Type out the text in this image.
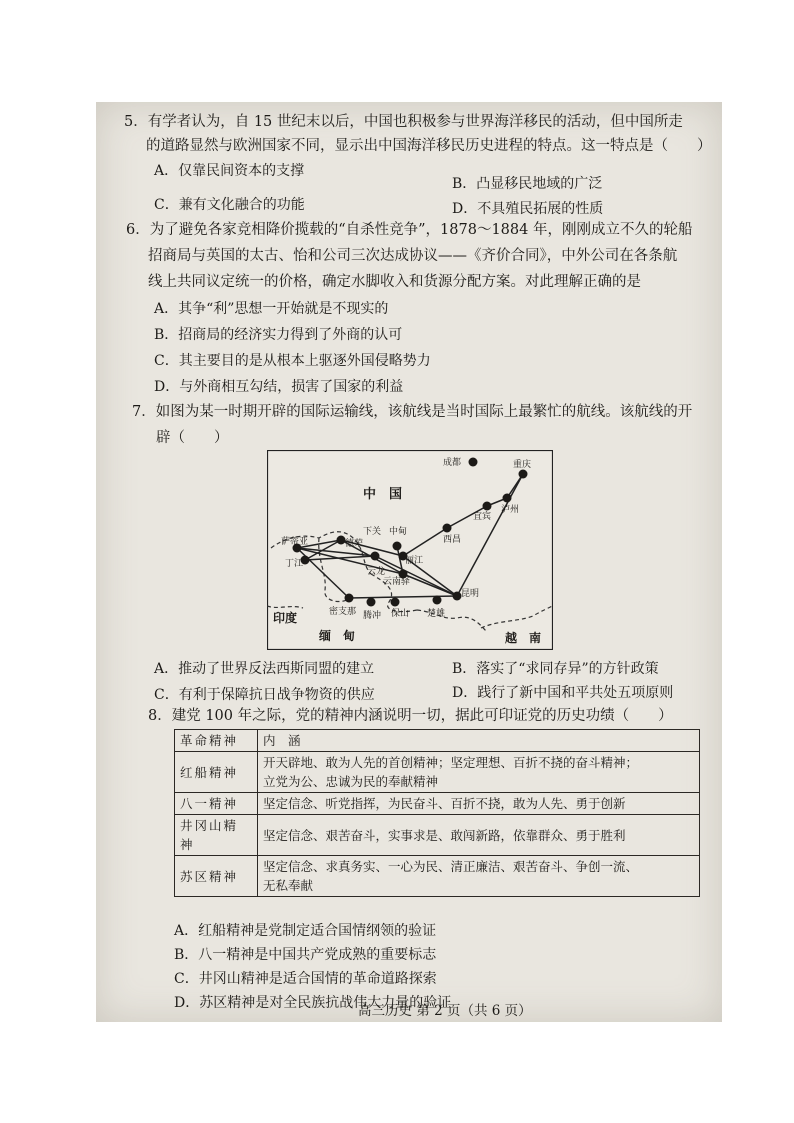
5．有学者认为，自 15 世纪末以后，中国也积极参与世界海洋移民的活动，但中国所走
的道路显然与欧洲国家不同，显示出中国海洋移民历史进程的特点。这一特点是（　　）
A．仅靠民间资本的支撑
B．凸显移民地域的广泛
C．兼有文化融合的功能	D．不具殖民拓展的性质
6．为了避免各家竞相降价揽载的“自杀性竞争”，1878～1884 年，刚刚成立不久的轮船
招商局与英国的太古、怡和公司三次达成协议——《齐价合同》，中外公司在各条航
线上共同议定统一的价格，确定水脚收入和货源分配方案。对此理解正确的是
A．其争“利”思想一开始就是不现实的
B．招商局的经济实力得到了外商的认可
C．其主要目的是从根本上驱逐外国侵略势力
D．与外商相互勾结，损害了国家的利益
7．如图为某一时期开辟的国际运输线，该航线是当时国际上最繁忙的航线。该航线的开
辟（　　）
成都	重庆
宜宾
泸州
西昌
昆明
楚雄
保山
腾冲
密支那
丽江
云龙
云南驿
下关 中甸
德荣
萨蒂亚
丁江
中　国
印度
缅　甸	越　南
A．推动了世界反法西斯同盟的建立	B．落实了“求同存异”的方针政策
C．有利于保障抗日战争物资的供应	D．践行了新中国和平共处五项原则
8．建党 100 年之际，党的精神内涵说明一切，据此可印证党的历史功绩（　　）
革命精神	内　涵
红船精神	开天辟地、敢为人先的首创精神；坚定理想、百折不挠的奋斗精神；
立党为公、忠诚为民的奉献精神

八一精神	坚定信念、听党指挥，为民奋斗、百折不挠，敢为人先、勇于创新

井冈山精
神	坚定信念、艰苦奋斗，实事求是、敢闯新路，依靠群众、勇于胜利
苏区精神	坚定信念、求真务实、一心为民、清正廉洁、艰苦奋斗、争创一流、
无私奉献
A．红船精神是党制定适合国情纲领的验证
B．八一精神是中国共产党成熟的重要标志
C．井冈山精神是适合国情的革命道路探索
D．苏区精神是对全民族抗战伟大力量的验证
高三历史 第 2 页（共 6 页）
